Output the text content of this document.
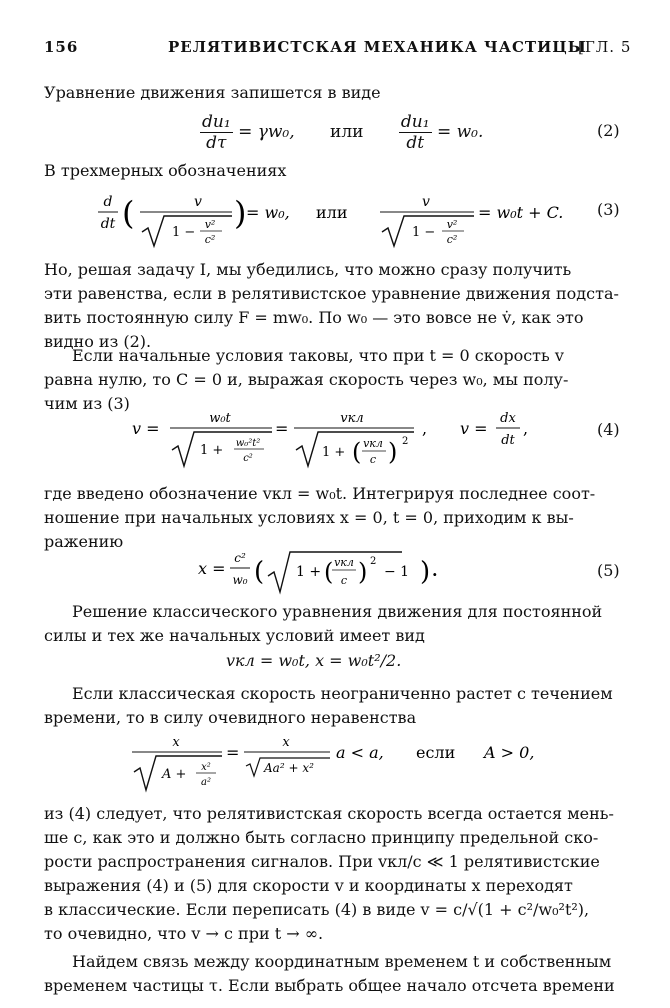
156	РЕЛЯТИВИСТСКАЯ МЕХАНИКА ЧАСТИЦЫ
[ГЛ. 5
Уравнение движения запишется в виде
$\frac{\text{du₁}}{d\tau} = \gamma w_0$, или $\frac{\text{du₁}}{dt} = w_0$.	(2)
В трехмерных обозначениях
d
dt (	v
1 −
v²
c²
) = w₀, или
v
1 −
v²
c²
= w₀t + C. (3)
Но, решая задачу I, мы убедились, что можно сразу получить
эти равенства, если в релятивистское уравнение движения подста-
вить постоянную силу F = mw₀. По w₀ — это вовсе не v̇, как это
видно из (2).
Если начальные условия таковы, что при t = 0 скорость v
равна нулю, то C = 0 и, выражая скорость через w₀, мы полу-
чим из (3)
v =
w₀t
1 + w₀²t²
c²
=
vкл
1 + ( vкл
c ) 2
, v =
dx
dt
,	(4)
где введено обозначение vкл = w₀t. Интегрируя последнее соот-
ношение при начальных условиях x = 0, t = 0, приходим к вы-
ражению
x =
c²
w₀ ( 1 + ( vкл
c ) 2
− 1 ) .	(5)
Решение классического уравнения движения для постоянной
силы и тех же начальных условий имеет вид
vкл = w₀t, x = w₀t²/2.
Если классическая скорость неограниченно растет с течением
времени, то в силу очевидного неравенства
x
A + x²
a²
=
x
Aa² + x²
a < a, если A > 0,
из (4) следует, что релятивистская скорость всегда остается мень-
ше c, как это и должно быть согласно принципу предельной ско-
рости распространения сигналов. При vкл/c ≪ 1 релятивистские
выражения (4) и (5) для скорости v и координаты x переходят
в классические. Если переписать (4) в виде v = c/√(1 + c²/w₀²t²),
то очевидно, что v → c при t → ∞.
Найдем связь между координатным временем t и собственным
временем частицы τ. Если выбрать общее начало отсчета времени
